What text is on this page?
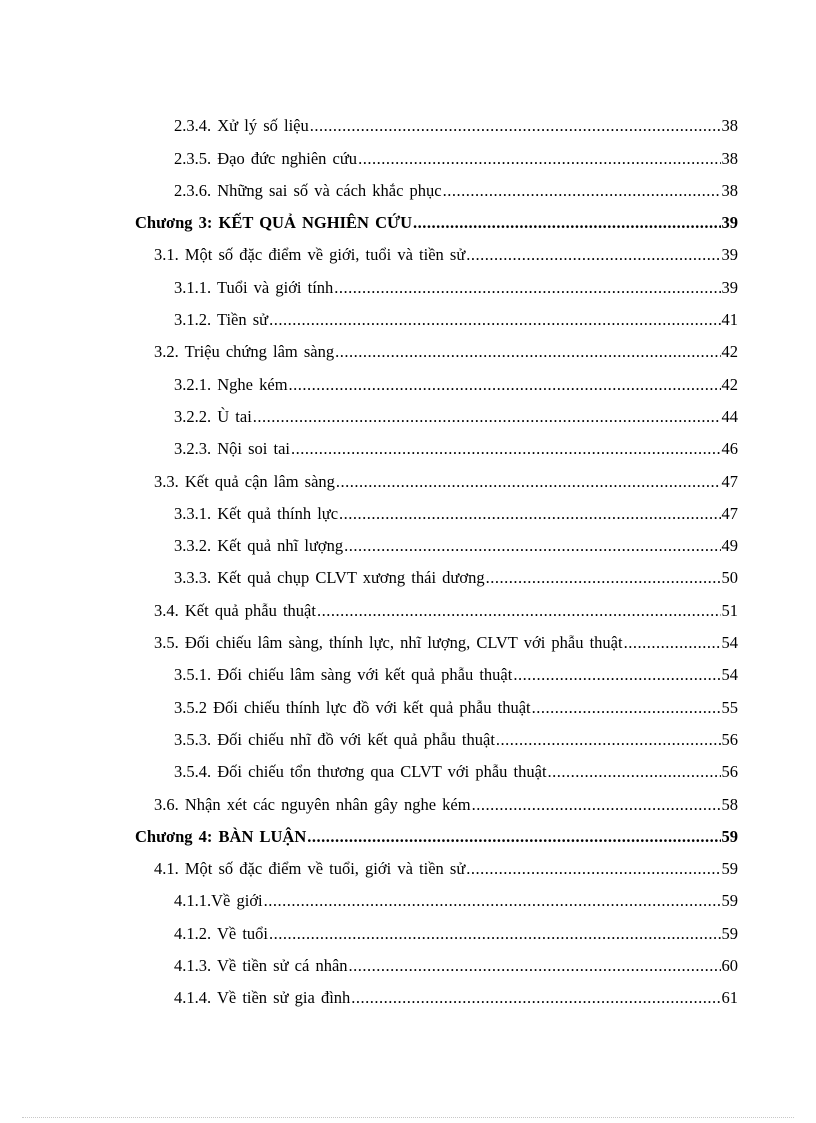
2.3.4. Xử lý số liệu .....	38
2.3.5. Đạo đức nghiên cứu .....	38
2.3.6. Những sai số và cách khắc phục .....	38
Chương 3: KẾT QUẢ NGHIÊN CỨU .....	39
3.1. Một số đặc điểm về giới, tuổi và tiền sử .....	39
3.1.1. Tuổi và giới tính .....	39
3.1.2. Tiền sử .....	41
3.2. Triệu chứng lâm sàng .....	42
3.2.1. Nghe kém .....	42
3.2.2. Ù tai .....	44
3.2.3. Nội soi tai .....	46
3.3. Kết quả cận lâm sàng .....	47
3.3.1. Kết quả thính lực .....	47
3.3.2. Kết quả nhĩ lượng .....	49
3.3.3. Kết quả chụp CLVT xương thái dương .....	50
3.4. Kết quả phẫu thuật .....	51
3.5. Đối chiếu lâm sàng, thính lực, nhĩ lượng, CLVT với phẫu thuật .....	54
3.5.1. Đối chiếu lâm sàng với kết quả phẫu thuật .....	54
3.5.2 Đối chiếu thính lực đồ với kết quả phẫu thuật .....	55
3.5.3. Đối chiếu nhĩ đồ với kết quả phẫu thuật .....	56
3.5.4. Đối chiếu tổn thương qua CLVT với phẫu thuật .....	56
3.6. Nhận xét các nguyên nhân gây nghe kém .....	58
Chương 4: BÀN LUẬN .....	59
4.1. Một số đặc điểm về tuổi, giới và tiền sử .....	59
4.1.1.Về giới .....	59
4.1.2. Về tuổi .....	59
4.1.3. Về tiền sử cá nhân .....	60
4.1.4. Về tiền sử gia đình .....	61
